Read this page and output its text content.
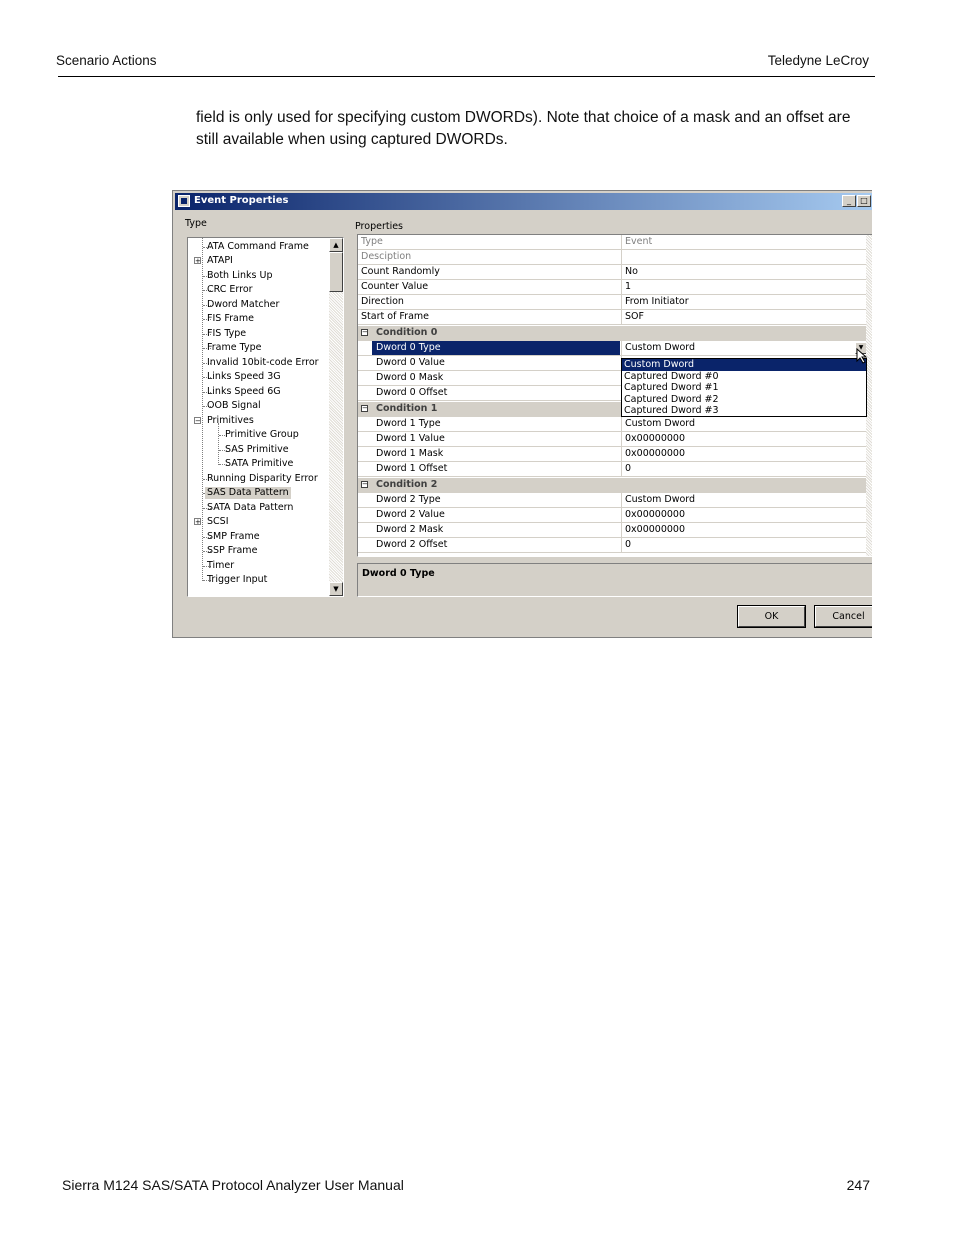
Scenario Actions	Teledyne LeCroy
field is only used for specifying custom DWORDs). Note that choice of a mask and an offset are still available when using captured DWORDs.
Event Properties	_	□
Type	Properties
ATA Command Frame
+ ATAPI
Both Links Up
CRC Error
Dword Matcher
FIS Frame
FIS Type
Frame Type
Invalid 10bit-code Error
Links Speed 3G
Links Speed 6G
OOB Signal
− Primitives
Primitive Group
SAS Primitive
SATA Primitive
Running Disparity Error
SAS Data Pattern
SATA Data Pattern
+ SCSI
SMP Frame
SSP Frame
Timer
Trigger Input
▲
▼
Type	Event
Desciption
Count Randomly	No
Counter Value	1
Direction	From Initiator
Start of Frame	SOF
− Condition 0
Dword 0 Type	Custom Dword	▼
Dword 0 Value
Dword 0 Mask
Dword 0 Offset
− Condition 1
Dword 1 Type	Custom Dword
Dword 1 Value	0x00000000
Dword 1 Mask	0x00000000
Dword 1 Offset	0
− Condition 2
Dword 2 Type	Custom Dword
Dword 2 Value	0x00000000
Dword 2 Mask	0x00000000
Dword 2 Offset	0
Custom Dword
Captured Dword #0
Captured Dword #1
Captured Dword #2
Captured Dword #3
Dword 0 Type
OK	Cancel
Sierra M124 SAS/SATA Protocol Analyzer User Manual	247
